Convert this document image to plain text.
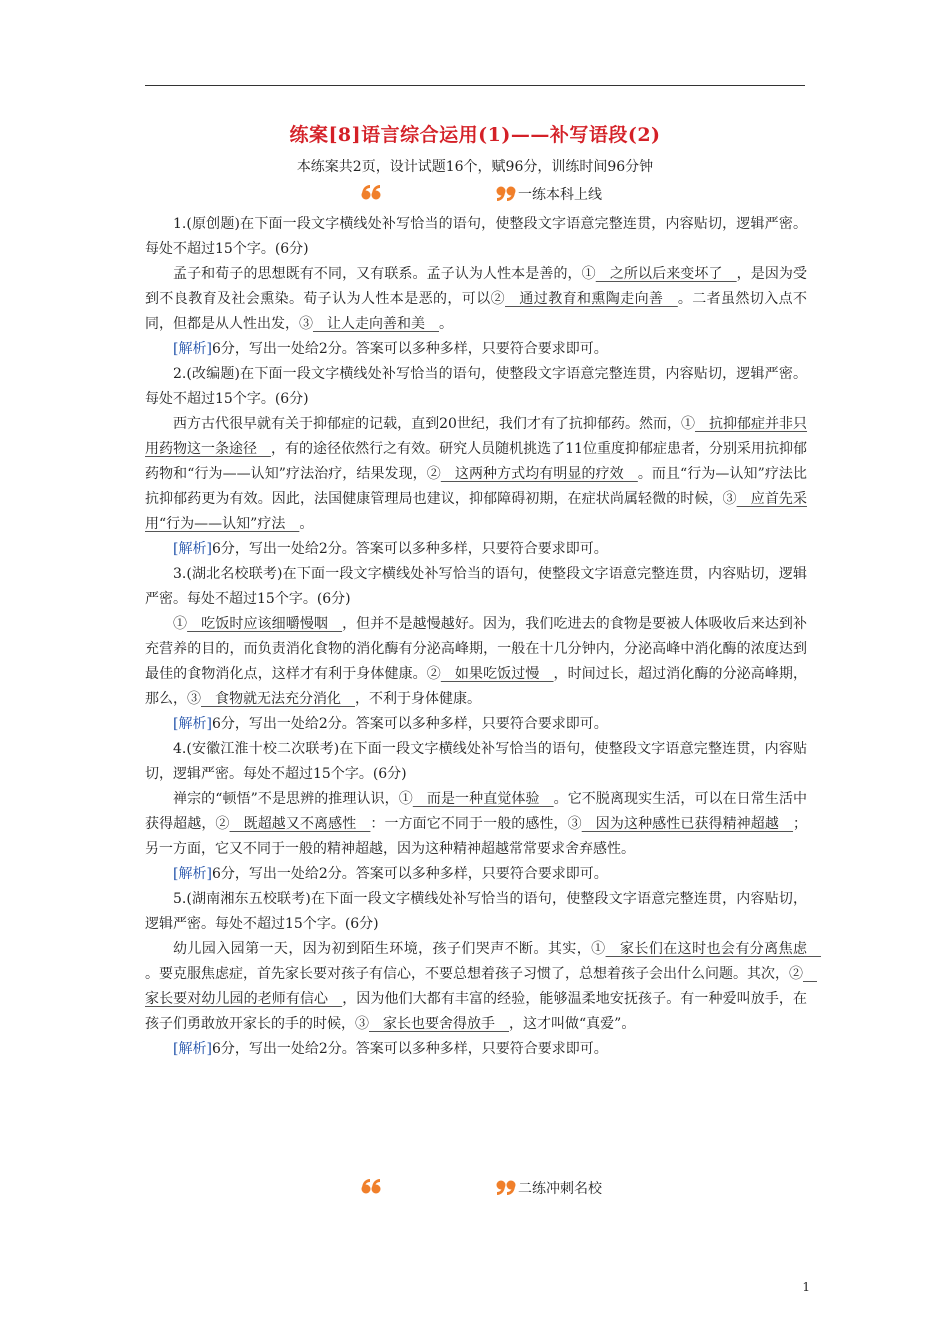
练案[8]语言综合运用(1)——补写语段(2)
本练案共2页，设计试题16个，赋96分，训练时间96分钟
一练本科上线

1.(原创题)在下面一段文字横线处补写恰当的语句，使整段文字语意完整连贯，内容贴切，逻辑严密。每处不超过15个字。(6分)

孟子和荀子的思想既有不同，又有联系。孟子认为人性本是善的，①　之所以后来变坏了　，是因为受到不良教育及社会熏染。荀子认为人性本是恶的，可以②　通过教育和熏陶走向善　。二者虽然切入点不同，但都是从人性出发，③　让人走向善和美　。

[解析]6分，写出一处给2分。答案可以多种多样，只要符合要求即可。

2.(改编题)在下面一段文字横线处补写恰当的语句，使整段文字语意完整连贯，内容贴切，逻辑严密。每处不超过15个字。(6分)

西方古代很早就有关于抑郁症的记载，直到20世纪，我们才有了抗抑郁药。然而，①　抗抑郁症并非只用药物这一条途径　，有的途径依然行之有效。研究人员随机挑选了11位重度抑郁症患者，分别采用抗抑郁药物和“行为——认知”疗法治疗，结果发现，②　这两种方式均有明显的疗效　。而且“行为—认知”疗法比抗抑郁药更为有效。因此，法国健康管理局也建议，抑郁障碍初期，在症状尚属轻微的时候，③　应首先采用“行为——认知”疗法　。

[解析]6分，写出一处给2分。答案可以多种多样，只要符合要求即可。

3.(湖北名校联考)在下面一段文字横线处补写恰当的语句，使整段文字语意完整连贯，内容贴切，逻辑严密。每处不超过15个字。(6分)

①　吃饭时应该细嚼慢咽　，但并不是越慢越好。因为，我们吃进去的食物是要被人体吸收后来达到补充营养的目的，而负责消化食物的消化酶有分泌高峰期，一般在十几分钟内，分泌高峰中消化酶的浓度达到最佳的食物消化点，这样才有利于身体健康。②　如果吃饭过慢　，时间过长，超过消化酶的分泌高峰期，那么，③　食物就无法充分消化　，不利于身体健康。

[解析]6分，写出一处给2分。答案可以多种多样，只要符合要求即可。

4.(安徽江淮十校二次联考)在下面一段文字横线处补写恰当的语句，使整段文字语意完整连贯，内容贴切，逻辑严密。每处不超过15个字。(6分)

禅宗的“顿悟”不是思辨的推理认识，①　而是一种直觉体验　。它不脱离现实生活，可以在日常生活中获得超越，②　既超越又不离感性　：一方面它不同于一般的感性，③　因为这种感性已获得精神超越　；另一方面，它又不同于一般的精神超越，因为这种精神超越常常要求舍弃感性。

[解析]6分，写出一处给2分。答案可以多种多样，只要符合要求即可。

5.(湖南湘东五校联考)在下面一段文字横线处补写恰当的语句，使整段文字语意完整连贯，内容贴切，逻辑严密。每处不超过15个字。(6分)

幼儿园入园第一天，因为初到陌生环境，孩子们哭声不断。其实，①　家长们在这时也会有分离焦虑　。要克服焦虑症，首先家长要对孩子有信心，不要总想着孩子习惯了，总想着孩子会出什么问题。其次，②　家长要对幼儿园的老师有信心　，因为他们大都有丰富的经验，能够温柔地安抚孩子。有一种爱叫放手，在孩子们勇敢放开家长的手的时候，③　家长也要舍得放手　，这才叫做“真爱”。

[解析]6分，写出一处给2分。答案可以多种多样，只要符合要求即可。

二练冲刺名校
1
